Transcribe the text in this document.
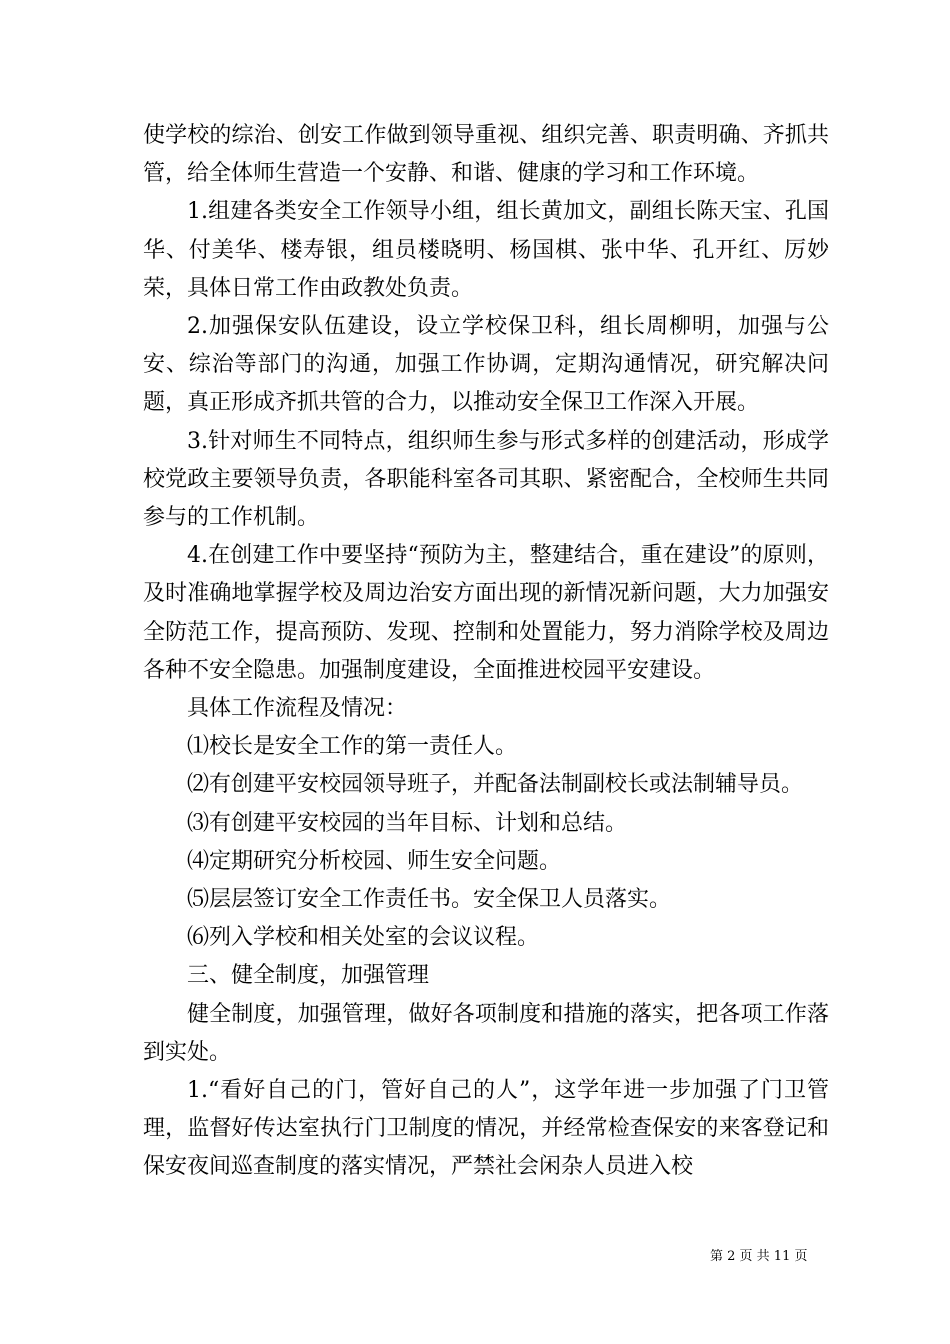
使学校的综治、创安工作做到领导重视、组织完善、职责明确、齐抓共管，给全体师生营造一个安静、和谐、健康的学习和工作环境。

1.组建各类安全工作领导小组，组长黄加文，副组长陈天宝、孔国华、付美华、楼寿银，组员楼晓明、杨国棋、张中华、孔开红、厉妙荣，具体日常工作由政教处负责。

2.加强保安队伍建设，设立学校保卫科，组长周柳明，加强与公安、综治等部门的沟通，加强工作协调，定期沟通情况，研究解决问题，真正形成齐抓共管的合力，以推动安全保卫工作深入开展。

3.针对师生不同特点，组织师生参与形式多样的创建活动，形成学校党政主要领导负责，各职能科室各司其职、紧密配合，全校师生共同参与的工作机制。

4.在创建工作中要坚持“预防为主，整建结合，重在建设”的原则，及时准确地掌握学校及周边治安方面出现的新情况新问题，大力加强安全防范工作，提高预防、发现、控制和处置能力，努力消除学校及周边各种不安全隐患。加强制度建设，全面推进校园平安建设。

具体工作流程及情况：

⑴校长是安全工作的第一责任人。

⑵有创建平安校园领导班子，并配备法制副校长或法制辅导员。

⑶有创建平安校园的当年目标、计划和总结。

⑷定期研究分析校园、师生安全问题。

⑸层层签订安全工作责任书。安全保卫人员落实。

⑹列入学校和相关处室的会议议程。

三、健全制度，加强管理

健全制度，加强管理，做好各项制度和措施的落实，把各项工作落到实处。

1.“看好自己的门，管好自己的人”，这学年进一步加强了门卫管理，监督好传达室执行门卫制度的情况，并经常检查保安的来客登记和保安夜间巡查制度的落实情况，严禁社会闲杂人员进入校

第 2 页 共 11 页
